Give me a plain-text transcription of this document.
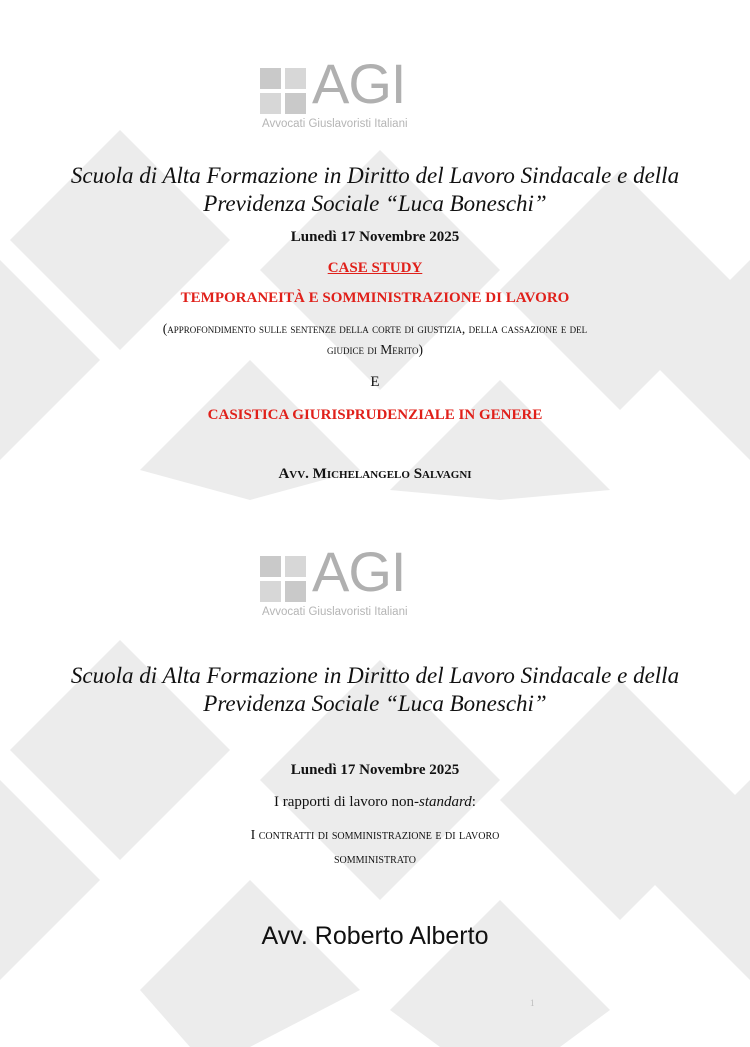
AGI
Avvocati Giuslavoristi Italiani
Scuola di Alta Formazione in Diritto del Lavoro Sindacale e della
Previdenza Sociale “Luca Boneschi”
Lunedì 17 Novembre 2025
CASE STUDY
TEMPORANEITÀ E SOMMINISTRAZIONE DI LAVORO
(approfondimento sulle sentenze della corte di giustizia, della cassazione e del
giudice di Merito)
E
CASISTICA GIURISPRUDENZIALE IN GENERE
Avv. Michelangelo Salvagni
AGI
Avvocati Giuslavoristi Italiani
Scuola di Alta Formazione in Diritto del Lavoro Sindacale e della
Previdenza Sociale “Luca Boneschi”
Lunedì 17 Novembre 2025
I rapporti di lavoro non-standard:
I contratti di somministrazione e di lavoro
somministrato
Avv. Roberto Alberto
1
